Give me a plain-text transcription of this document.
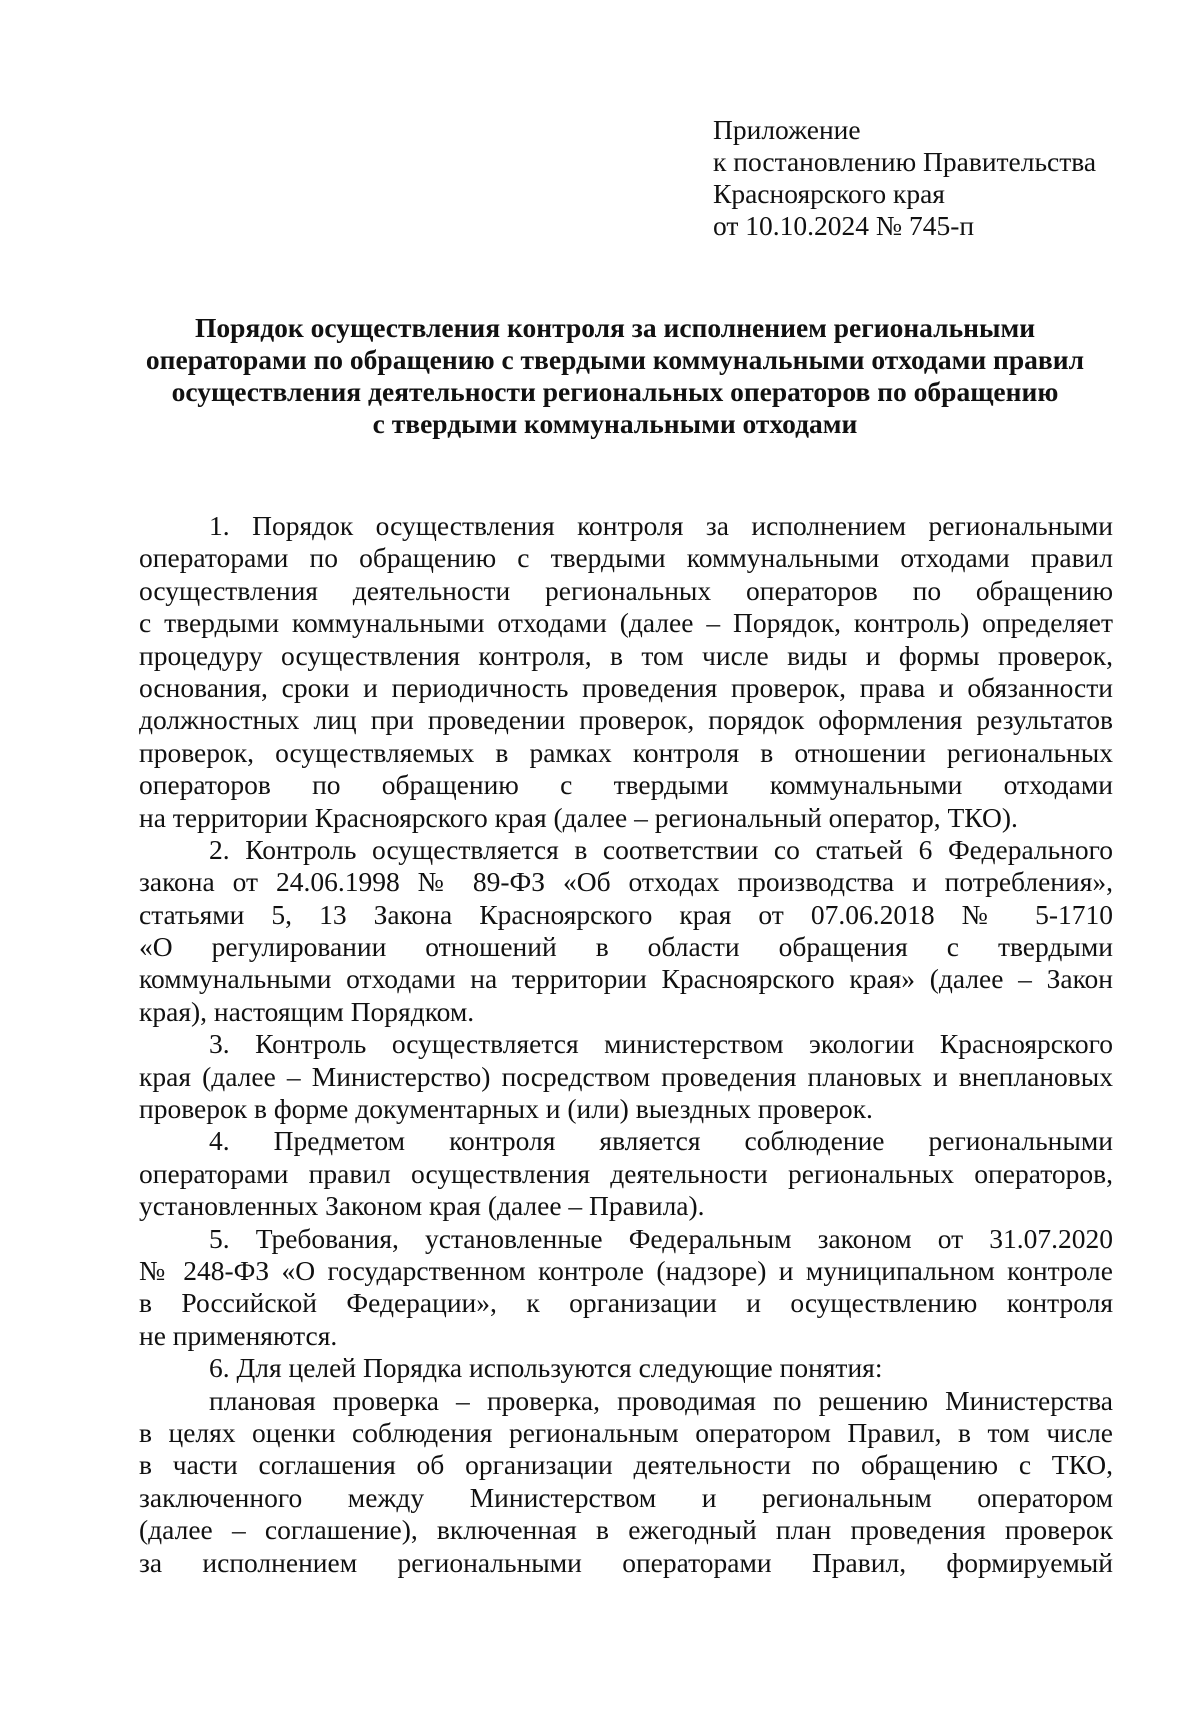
Приложение
к постановлению Правительства
Красноярского края
от 10.10.2024 № 745-п
Порядок осуществления контроля за исполнением региональными
операторами по обращению с твердыми коммунальными отходами правил
осуществления деятельности региональных операторов по обращению
с твердыми коммунальными отходами
1. Порядок осуществления контроля за исполнением региональными
операторами по обращению с твердыми коммунальными отходами правил
осуществления деятельности региональных операторов по обращению
с твердыми коммунальными отходами (далее – Порядок, контроль) определяет
процедуру осуществления контроля, в том числе виды и формы проверок,
основания, сроки и периодичность проведения проверок, права и обязанности
должностных лиц при проведении проверок, порядок оформления результатов
проверок, осуществляемых в рамках контроля в отношении региональных
операторов по обращению с твердыми коммунальными отходами
на территории Красноярского края (далее – региональный оператор, ТКО).
2. Контроль осуществляется в соответствии со статьей 6 Федерального
закона от 24.06.1998 № 89-ФЗ «Об отходах производства и потребления»,
статьями 5, 13 Закона Красноярского края от 07.06.2018 № 5-1710
«О регулировании отношений в области обращения с твердыми
коммунальными отходами на территории Красноярского края» (далее – Закон
края), настоящим Порядком.
3. Контроль осуществляется министерством экологии Красноярского
края (далее – Министерство) посредством проведения плановых и внеплановых
проверок в форме документарных и (или) выездных проверок.
4. Предметом контроля является соблюдение региональными
операторами правил осуществления деятельности региональных операторов,
установленных Законом края (далее – Правила).
5. Требования, установленные Федеральным законом от 31.07.2020
№ 248-ФЗ «О государственном контроле (надзоре) и муниципальном контроле
в Российской Федерации», к организации и осуществлению контроля
не применяются.
6. Для целей Порядка используются следующие понятия:
плановая проверка – проверка, проводимая по решению Министерства
в целях оценки соблюдения региональным оператором Правил, в том числе
в части соглашения об организации деятельности по обращению с ТКО,
заключенного между Министерством и региональным оператором
(далее – соглашение), включенная в ежегодный план проведения проверок
за исполнением региональными операторами Правил, формируемый
